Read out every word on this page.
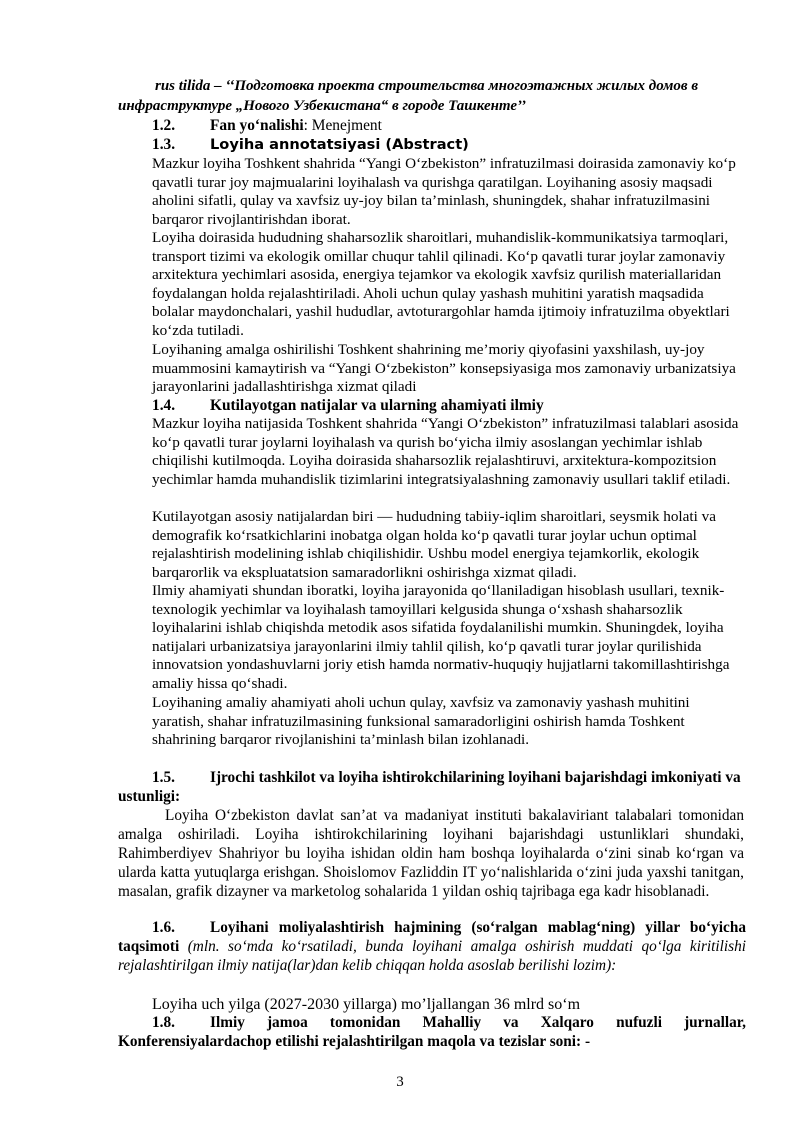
rus tilida – ‘‘Подготовка проекта строительства многоэтажных жилых домов в
инфраструктуре „Нового Узбекистана“ в городе Ташкенте’’
1.2. Fan yo‘nalishi: Menejment
1.3. Loyiha annotatsiyasi (Abstract)

Mazkur loyiha Toshkent shahrida “Yangi O‘zbekiston” infratuzilmasi doirasida zamonaviy ko‘p qavatli turar joy majmualarini loyihalash va qurishga qaratilgan. Loyihaning asosiy maqsadi aholini sifatli, qulay va xavfsiz uy-joy bilan ta’minlash, shuningdek, shahar infratuzilmasini barqaror rivojlantirishdan iborat.

Loyiha doirasida hududning shaharsozlik sharoitlari, muhandislik-kommunikatsiya tarmoqlari, transport tizimi va ekologik omillar chuqur tahlil qilinadi. Ko‘p qavatli turar joylar zamonaviy arxitektura yechimlari asosida, energiya tejamkor va ekologik xavfsiz qurilish materiallaridan foydalangan holda rejalashtiriladi. Aholi uchun qulay yashash muhitini yaratish maqsadida bolalar maydonchalari, yashil hududlar, avtoturargohlar hamda ijtimoiy infratuzilma obyektlari ko‘zda tutiladi.

Loyihaning amalga oshirilishi Toshkent shahrining me’moriy qiyofasini yaxshilash, uy-joy muammosini kamaytirish va “Yangi O‘zbekiston” konsepsiyasiga mos zamonaviy urbanizatsiya jarayonlarini jadallashtirishga xizmat qiladi

1.4. Kutilayotgan natijalar va ularning ahamiyati ilmiy

Mazkur loyiha natijasida Toshkent shahrida “Yangi O‘zbekiston” infratuzilmasi talablari asosida ko‘p qavatli turar joylarni loyihalash va qurish bo‘yicha ilmiy asoslangan yechimlar ishlab chiqilishi kutilmoqda. Loyiha doirasida shaharsozlik rejalashtiruvi, arxitektura-kompozitsion yechimlar hamda muhandislik tizimlarini integratsiyalashning zamonaviy usullari taklif etiladi.

Kutilayotgan asosiy natijalardan biri — hududning tabiiy-iqlim sharoitlari, seysmik holati va demografik ko‘rsatkichlarini inobatga olgan holda ko‘p qavatli turar joylar uchun optimal rejalashtirish modelining ishlab chiqilishidir. Ushbu model energiya tejamkorlik, ekologik barqarorlik va ekspluatatsion samaradorlikni oshirishga xizmat qiladi.

Ilmiy ahamiyati shundan iboratki, loyiha jarayonida qo‘llaniladigan hisoblash usullari, texnik-texnologik yechimlar va loyihalash tamoyillari kelgusida shunga o‘xshash shaharsozlik loyihalarini ishlab chiqishda metodik asos sifatida foydalanilishi mumkin. Shuningdek, loyiha natijalari urbanizatsiya jarayonlarini ilmiy tahlil qilish, ko‘p qavatli turar joylar qurilishida innovatsion yondashuvlarni joriy etish hamda normativ-huquqiy hujjatlarni takomillashtirishga amaliy hissa qo‘shadi.

Loyihaning amaliy ahamiyati aholi uchun qulay, xavfsiz va zamonaviy yashash muhitini yaratish, shahar infratuzilmasining funksional samaradorligini oshirish hamda Toshkent shahrining barqaror rivojlanishini ta’minlash bilan izohlanadi.

1.5. Ijrochi tashkilot va loyiha ishtirokchilarining loyihani bajarishdagi imkoniyati va ustunligi:

Loyiha O‘zbekiston davlat san’at va madaniyat instituti bakalaviriant talabalari tomonidan amalga oshiriladi. Loyiha ishtirokchilarining loyihani bajarishdagi ustunliklari shundaki, Rahimberdiyev Shahriyor bu loyiha ishidan oldin ham boshqa loyihalarda o‘zini sinab ko‘rgan va ularda katta yutuqlarga erishgan. Shoislomov Fazliddin IT yo‘nalishlarida o‘zini juda yaxshi tanitgan, masalan, grafik dizayner va marketolog sohalarida 1 yildan oshiq tajribaga ega kadr hisoblanadi.

1.6. Loyihani moliyalashtirish hajmining (so‘ralgan mablag‘ning) yillar bo‘yicha taqsimoti (mln. so‘mda ko‘rsatiladi, bunda loyihani amalga oshirish muddati qo‘lga kiritilishi rejalashtirilgan ilmiy natija(lar)dan kelib chiqqan holda asoslab berilishi lozim):
Loyiha uch yilga (2027-2030 yillarga) mo’ljallangan 36 mlrd so‘m
1.8. Ilmiy jamoa tomonidan Mahalliy va Xalqaro nufuzli jurnallar, Konferensiyalardachop etilishi rejalashtirilgan maqola va tezislar soni: -
3
